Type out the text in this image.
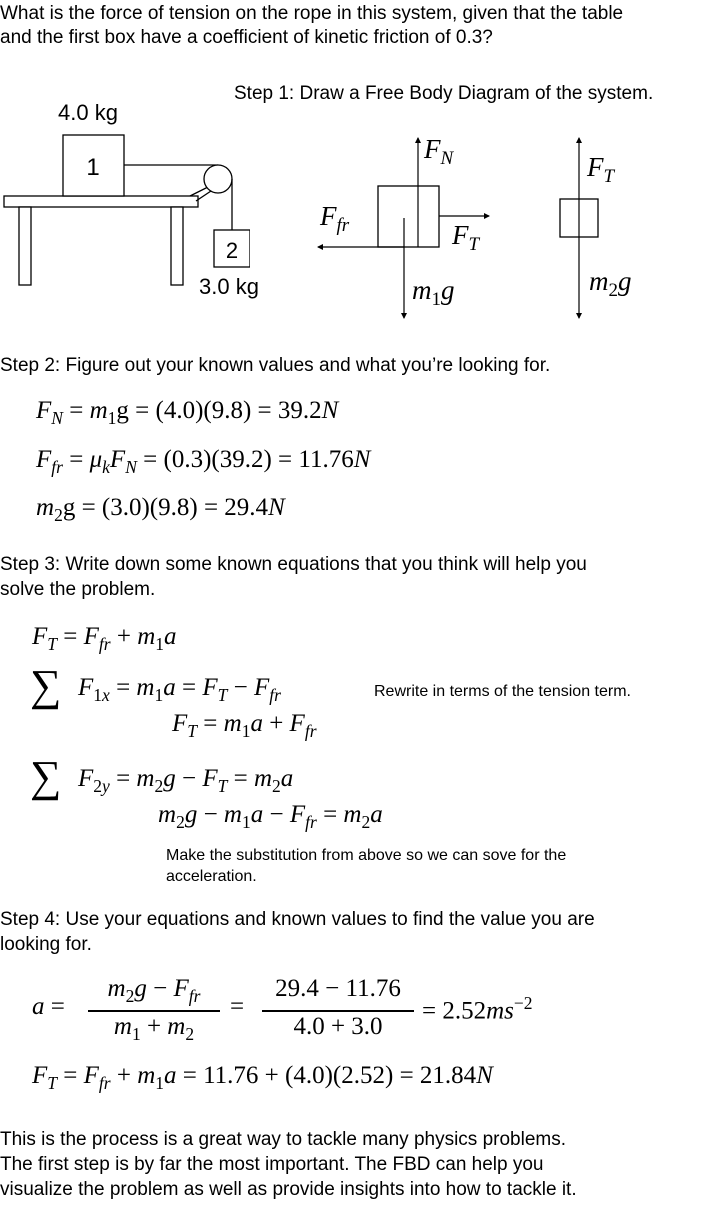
What is the force of tension on the rope in this system, given that the table
and the first box have a coefficient of kinetic friction of 0.3?
Step 1: Draw a Free Body Diagram of the system.
4.0 kg
3.0 kg
1
2
$F_N$
$F_{fr}$	$F_T$
$m_1g$
$F_T$
$m_2g$
Step 2: Figure out your known values and what you’re looking for.
$F_N = m_1g = (4.0)(9.8) = 39.2N$
$F_{fr} = \mu_kF_N = (0.3)(39.2) = 11.76N$
$m_2g = (3.0)(9.8) = 29.4N$
Step 3: Write down some known equations that you think will help you
solve the problem.
$F_T = F_{fr} + m_1a$
∑ $F_{1x} = m_1a = F_T - F_{fr}$	Rewrite in terms of the tension term.
$F_T = m_1a + F_{fr}$
∑ $F_{2y} = m_2g - F_T = m_2a$
$m_2g - m_1a - F_{fr} = m_2a$
Make the substitution from above so we can sove for the
acceleration.
Step 4: Use your equations and known values to find the value you are
looking for.
a =
$m_2g - F_{fr}$
$m_1 + m_2$
=
29.4 − 11.76
4.0 + 3.0
= $2.52ms^{-2}$
$F_T = F_{fr} + m_1a = 11.76 + (4.0)(2.52) = 21.84N$
This is the process is a great way to tackle many physics problems.
The first step is by far the most important. The FBD can help you
visualize the problem as well as provide insights into how to tackle it.
